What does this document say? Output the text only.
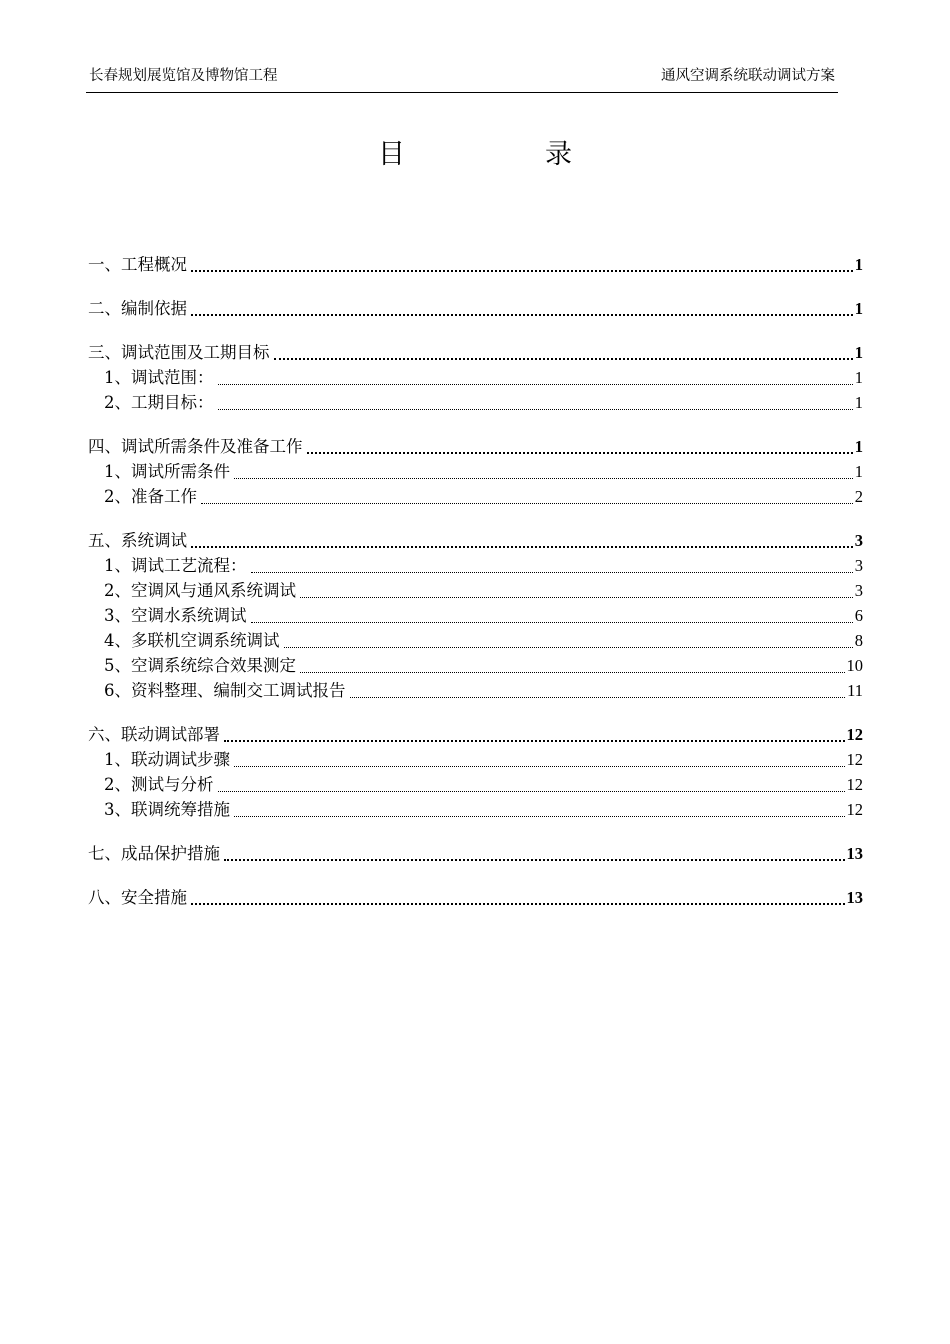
长春规划展览馆及博物馆工程	通风空调系统联动调试方案
目录
一、工程概况	1
二、编制依据	1
三、调试范围及工期目标	1
1、调试范围：	1
2、工期目标：	1
四、调试所需条件及准备工作	1
1、调试所需条件	1
2、准备工作	2
五、系统调试	3
1、调试工艺流程：	3
2、空调风与通风系统调试	3
3、空调水系统调试	6
4、多联机空调系统调试	8
5、空调系统综合效果测定	10
6、资料整理、编制交工调试报告	11
六、联动调试部署	12
1、联动调试步骤	12
2、测试与分析	12
3、联调统筹措施	12
七、成品保护措施	13
八、安全措施	13
